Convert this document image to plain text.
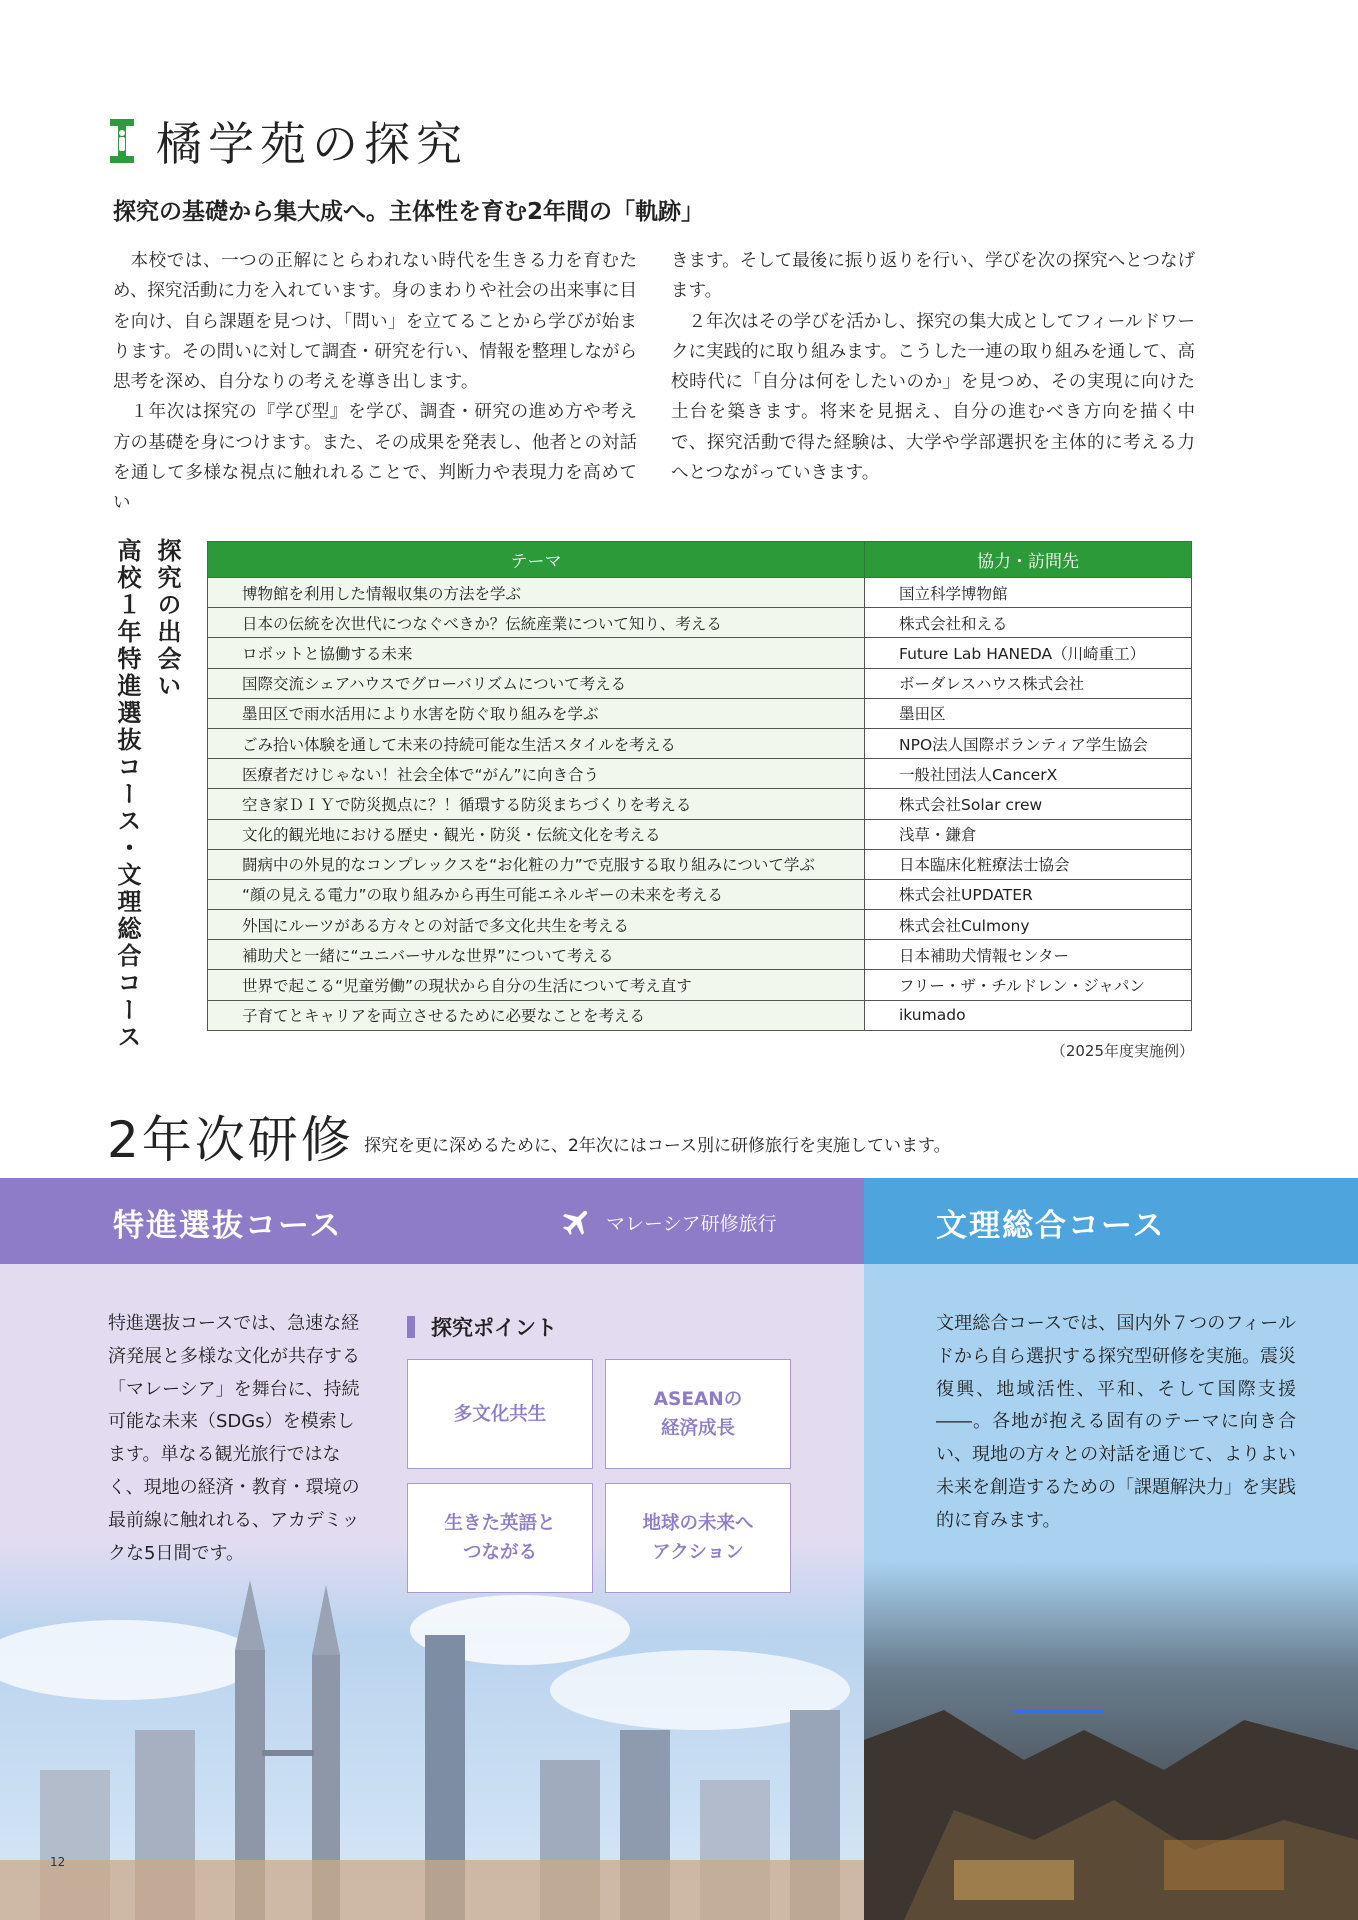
橘学苑の探究
探究の基礎から集大成へ。主体性を育む2年間の「軌跡」

本校では、一つの正解にとらわれない時代を生きる力を育むため、探究活動に力を入れています。身のまわりや社会の出来事に目を向け、自ら課題を見つけ、「問い」を立てることから学びが始まります。その問いに対して調査・研究を行い、情報を整理しながら思考を深め、自分なりの考えを導き出します。

１年次は探究の『学び型』を学び、調査・研究の進め方や考え方の基礎を身につけます。また、その成果を発表し、他者との対話を通して多様な視点に触れれることで、判断力や表現力を高めてい

きます。そして最後に振り返りを行い、学びを次の探究へとつなげます。

２年次はその学びを活かし、探究の集大成としてフィールドワークに実践的に取り組みます。こうした一連の取り組みを通して、高校時代に「自分は何をしたいのか」を見つめ、その実現に向けた土台を築きます。将来を見据え、自分の進むべき方向を描く中で、探究活動で得た経験は、大学や学部選択を主体的に考える力へとつながっていきます。

探究の出会い
高校１年特進選抜コース・文理総合コース	テーマ	協力・訪問先
博物館を利用した情報収集の方法を学ぶ	国立科学博物館
日本の伝統を次世代につなぐべきか？伝統産業について知り、考える	株式会社和える
ロボットと協働する未来	Future Lab HANEDA（川崎重工）
国際交流シェアハウスでグローバリズムについて考える	ボーダレスハウス株式会社
墨田区で雨水活用により水害を防ぐ取り組みを学ぶ	墨田区
ごみ拾い体験を通して未来の持続可能な生活スタイルを考える	NPO法人国際ボランティア学生協会
医療者だけじゃない！社会全体で“がん”に向き合う	一般社団法人CancerX
空き家ＤＩＹで防災拠点に？！循環する防災まちづくりを考える	株式会社Solar crew
文化的観光地における歴史・観光・防災・伝統文化を考える	浅草・鎌倉
闘病中の外見的なコンプレックスを“お化粧の力”で克服する取り組みについて学ぶ	日本臨床化粧療法士協会
“顔の見える電力”の取り組みから再生可能エネルギーの未来を考える	株式会社UPDATER
外国にルーツがある方々との対話で多文化共生を考える	株式会社Culmony
補助犬と一緒に“ユニバーサルな世界”について考える	日本補助犬情報センター
世界で起こる“児童労働”の現状から自分の生活について考え直す	フリー・ザ・チルドレン・ジャパン
子育てとキャリアを両立させるために必要なことを考える	ikumado
（2025年度実施例）
2年次研修 探究を更に深めるために、2年次にはコース別に研修旅行を実施しています。
特進選抜コース	マレーシア研修旅行	文理総合コース
特進選抜コースでは、急速な経済発展と多様な文化が共存する「マレーシア」を舞台に、持続可能な未来（SDGs）を模索します。単なる観光旅行ではなく、現地の経済・教育・環境の最前線に触れれる、アカデミックな5日間です。
探究ポイント
多文化共生
ASEANの
経済成長
生きた英語と
つながる
地球の未来へ
アクション
文理総合コースでは、国内外７つのフィールドから自ら選択する探究型研修を実施。震災復興、地域活性、平和、そして国際支援――。各地が抱える固有のテーマに向き合い、現地の方々との対話を通じて、よりよい未来を創造するための「課題解決力」を実践的に育みます。
12
